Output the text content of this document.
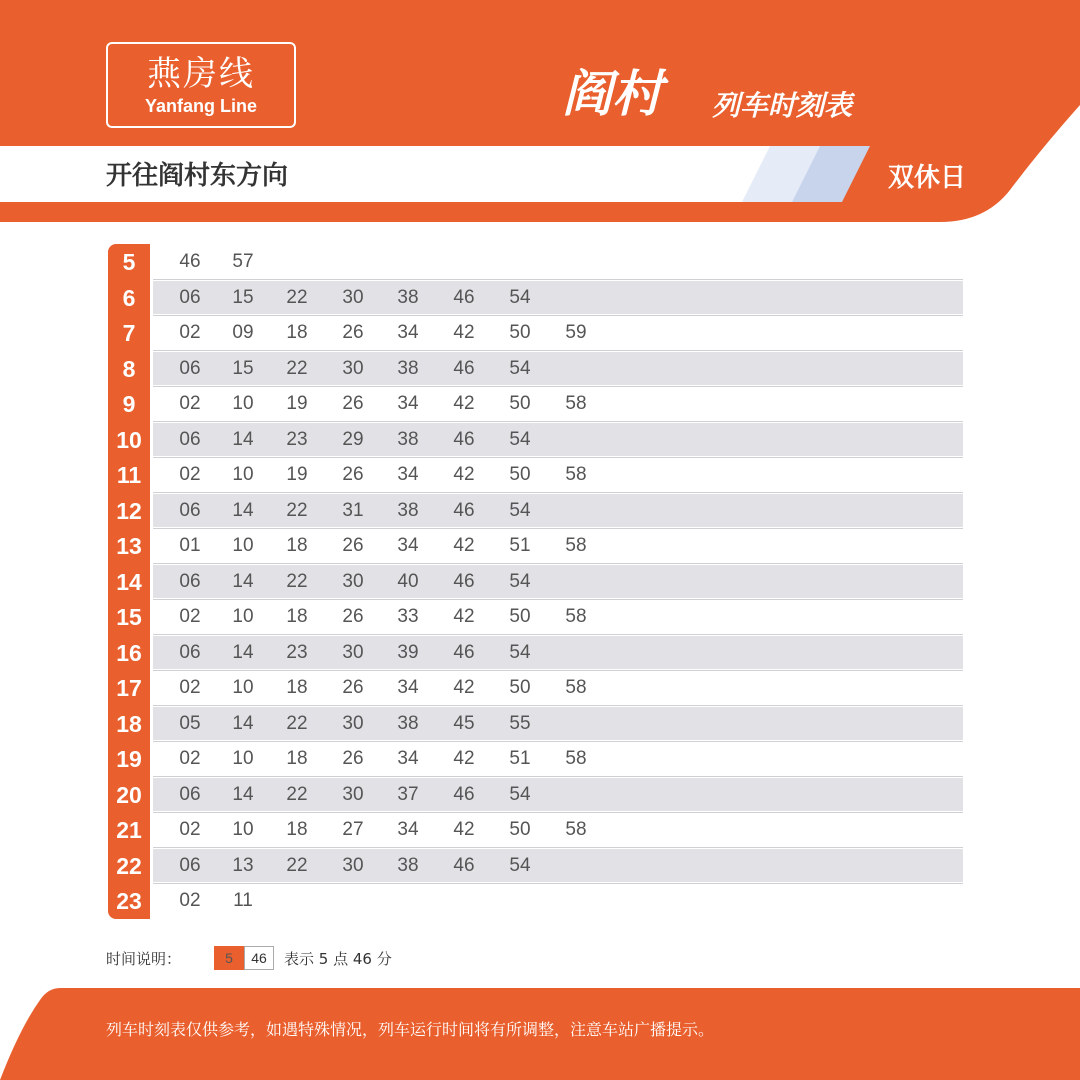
燕房线
Yanfang Line	阎村 列车时刻表
开往阎村东方向	双休日
5	46	57
6	06	15	22	30	38	46	54
7	02	09	18	26	34	42	50	59
8	06	15	22	30	38	46	54
9	02	10	19	26	34	42	50	58
10	06	14	23	29	38	46	54
11	02	10	19	26	34	42	50	58
12	06	14	22	31	38	46	54
13	01	10	18	26	34	42	51	58
14	06	14	22	30	40	46	54
15	02	10	18	26	33	42	50	58
16	06	14	23	30	39	46	54
17	02	10	18	26	34	42	50	58
18	05	14	22	30	38	45	55
19	02	10	18	26	34	42	51	58
20	06	14	22	30	37	46	54
21	02	10	18	27	34	42	50	58
22	06	13	22	30	38	46	54
23	02	11
时间说明：	5	46	表示 5 点 46 分
列车时刻表仅供参考，如遇特殊情况，列车运行时间将有所调整，注意车站广播提示。
